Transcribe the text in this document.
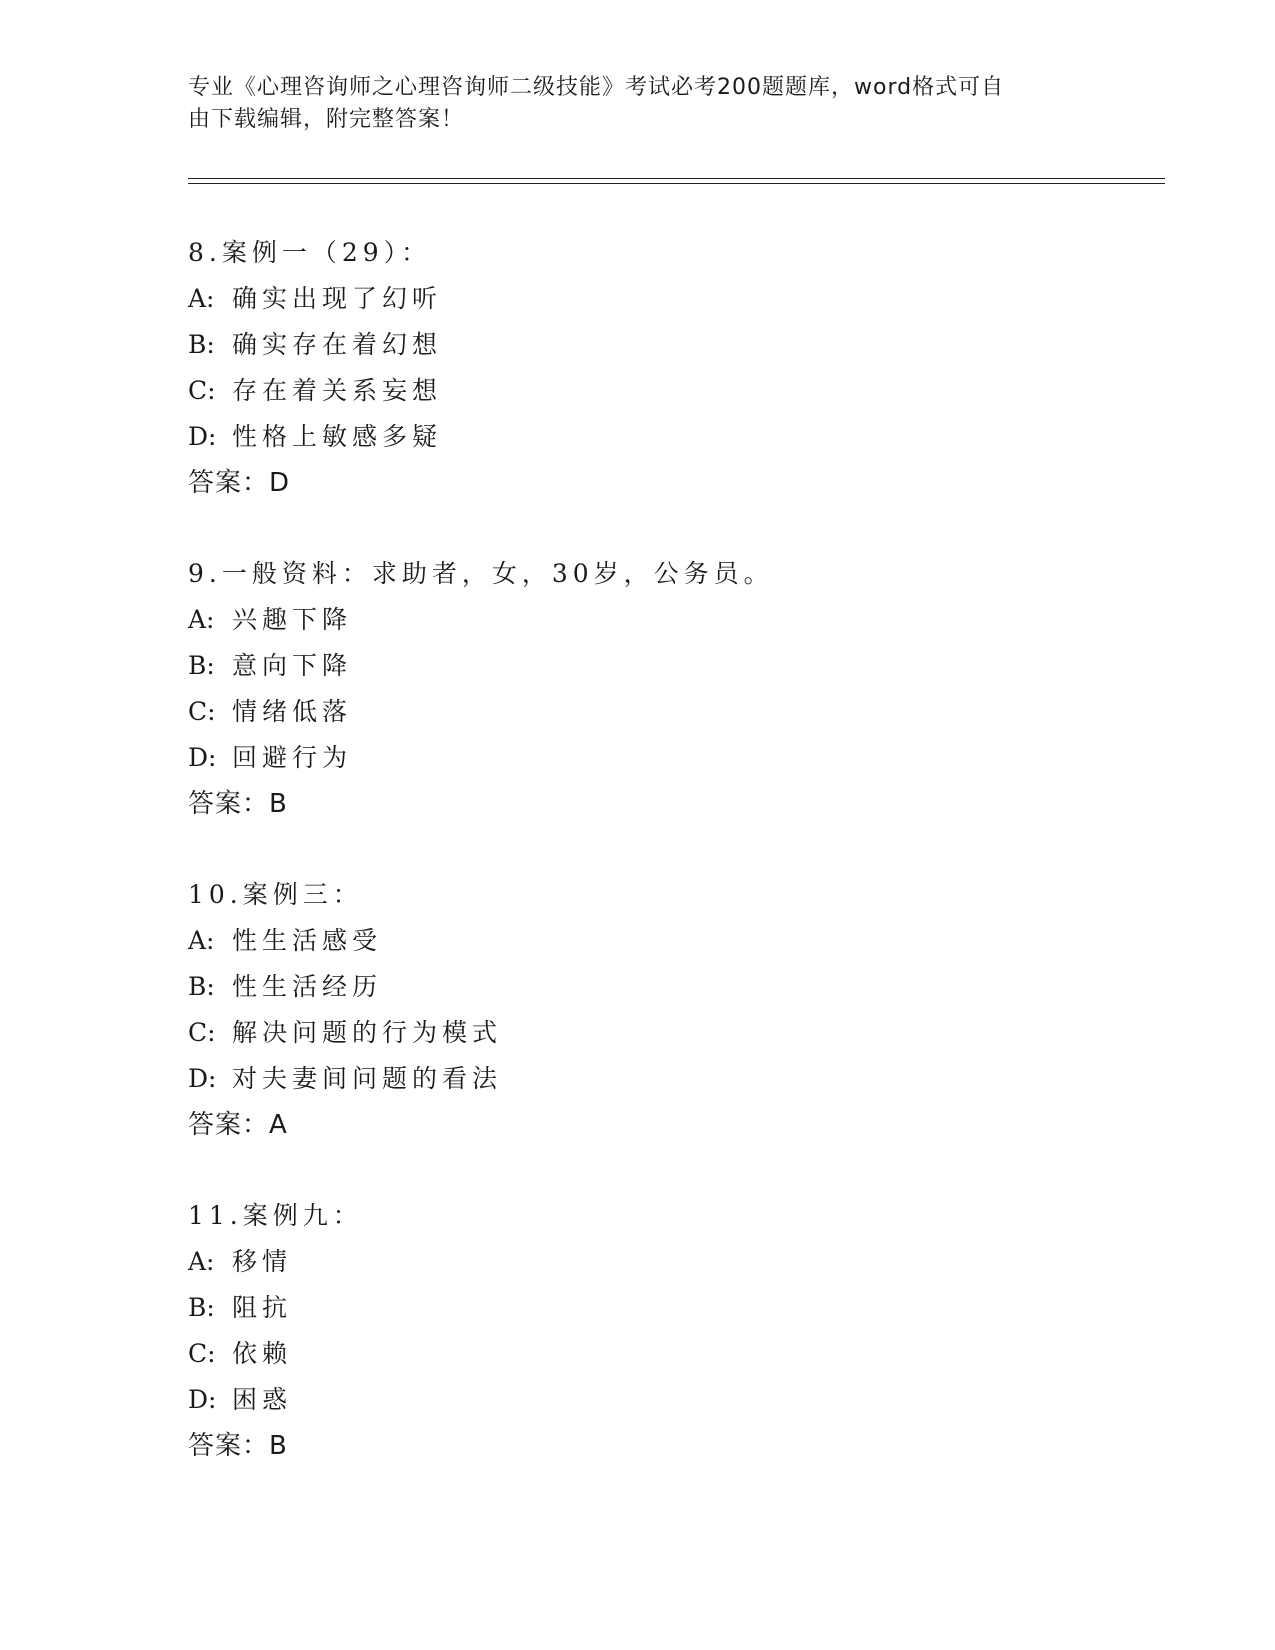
专业《心理咨询师之心理咨询师二级技能》考试必考200题题库，word格式可自
由下载编辑，附完整答案！
8.案例一（29）：
A: 确实出现了幻听
B: 确实存在着幻想
C: 存在着关系妄想
D: 性格上敏感多疑
答案：D
9.一般资料：求助者，女，30岁，公务员。
A: 兴趣下降
B: 意向下降
C: 情绪低落
D: 回避行为
答案：B
10.案例三：
A: 性生活感受
B: 性生活经历
C: 解决问题的行为模式
D: 对夫妻间问题的看法
答案：A
11.案例九：
A: 移情
B: 阻抗
C: 依赖
D: 困惑
答案：B
